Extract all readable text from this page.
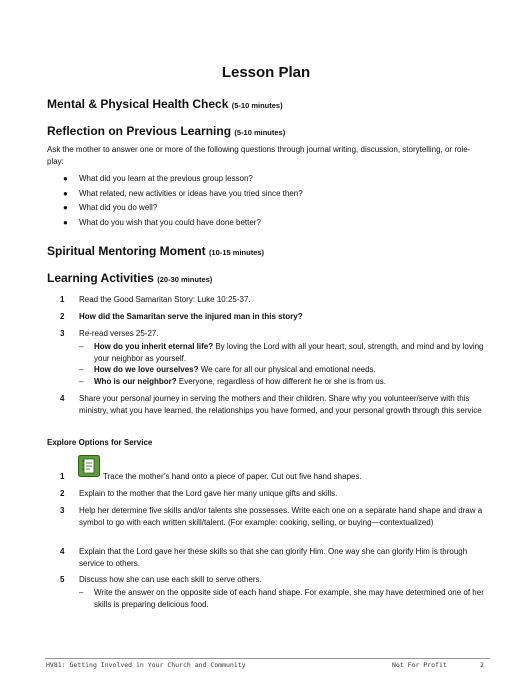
Lesson Plan
Mental & Physical Health Check (5-10 minutes)
Reflection on Previous Learning (5-10 minutes)
Ask the mother to answer one or more of the following questions through journal writing, discussion, storytelling, or role-play:
● What did you learn at the previous group lesson?
● What related, new activities or ideas have you tried since then?
● What did you do well?
● What do you wish that you could have done better?
Spiritual Mentoring Moment (10-15 minutes)
Learning Activities (20-30 minutes)
1	Read the Good Samaritan Story: Luke 10:25-37.
2	How did the Samaritan serve the injured man in this story?
3	Re-read verses 25-27.
– How do you inherit eternal life? By loving the Lord with all your heart, soul, strength, and mind and by loving your neighbor as yourself.
– How do we love ourselves? We care for all our physical and emotional needs.
– Who is our neighbor? Everyone, regardless of how different he or she is from us.
4	Share your personal journey in serving the mothers and their children. Share why you volunteer/serve with this ministry, what you have learned, the relationships you have formed, and your personal growth through this service
Explore Options for Service
1	Trace the mother’s hand onto a piece of paper. Cut out five hand shapes.
2	Explain to the mother that the Lord gave her many unique gifts and skills.
3	Help her determine five skills and/or talents she possesses. Write each one on a separate hand shape and draw a symbol to go with each written skill/talent. (For example: cooking, selling, or buying—contextualized)
4	Explain that the Lord gave her these skills so that she can glorify Him. One way she can glorify Him is through service to others.
5	Discuss how she can use each skill to serve others.
– Write the answer on the opposite side of each hand shape. For example, she may have determined one of her skills is preparing delicious food.
HV81: Getting Involved in Your Church and Community	Not For Profit	2
